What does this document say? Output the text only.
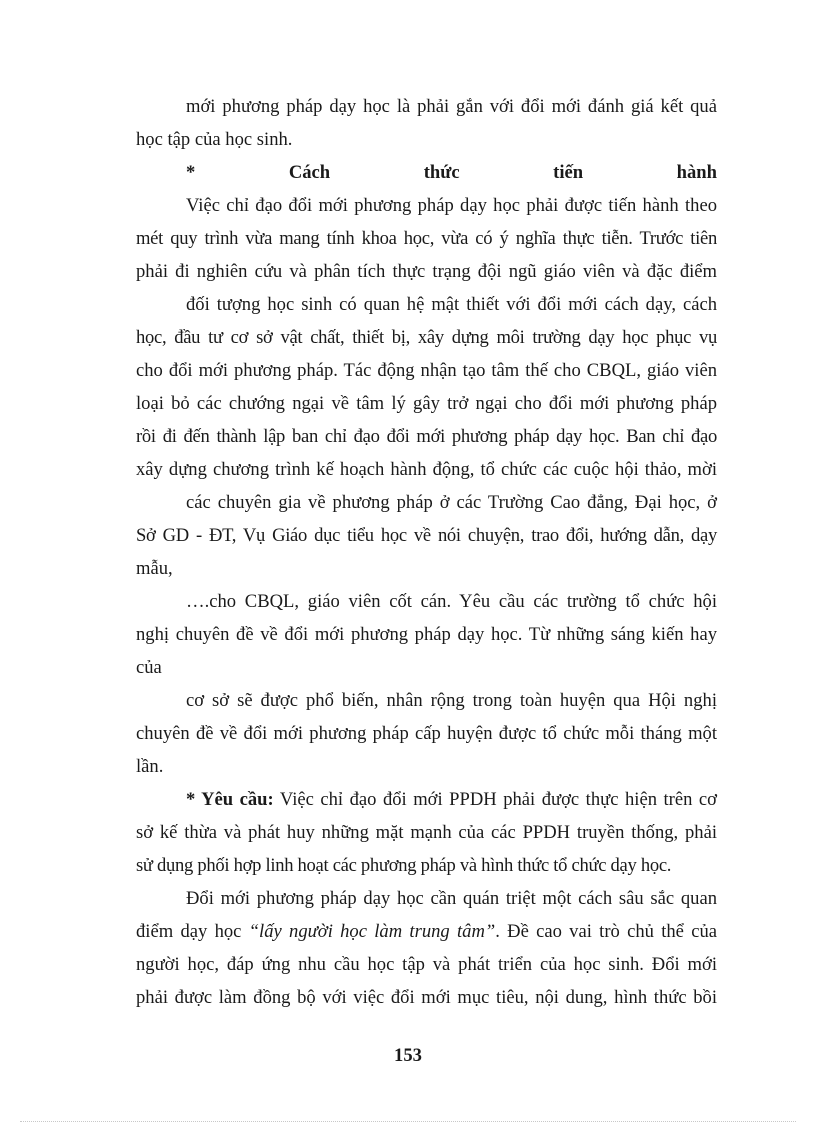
mới phương pháp dạy học là phải gắn với đổi mới đánh giá kết quả
học tập của học sinh.
*	Cách	thức	tiến	hành
Việc chỉ đạo đổi mới phương pháp dạy học phải được tiến hành theo
mét quy trình vừa mang tính khoa học, vừa có ý nghĩa thực tiễn. Trước tiên
phải đi nghiên cứu và phân tích thực trạng đội ngũ giáo viên và đặc điểm
đối tượng học sinh có quan hệ mật thiết với đổi mới cách dạy, cách
học, đầu tư cơ sở vật chất, thiết bị, xây dựng môi trường dạy học phục vụ
cho đổi mới phương pháp. Tác động nhận tạo tâm thế cho CBQL, giáo viên
loại bỏ các chướng ngại về tâm lý gây trở ngại cho đổi mới phương pháp
rồi đi đến thành lập ban chỉ đạo đổi mới phương pháp dạy học. Ban chỉ đạo
xây dựng chương trình kế hoạch hành động, tổ chức các cuộc hội thảo, mời
các chuyên gia về phương pháp ở các Trường Cao đẳng, Đại học, ở
Sở GD - ĐT, Vụ Giáo dục tiểu học về nói chuyện, trao đổi, hướng dẫn, dạy
mẫu,
….cho CBQL, giáo viên cốt cán. Yêu cầu các trường tổ chức hội
nghị chuyên đề về đổi mới phương pháp dạy học. Từ những sáng kiến hay
của
cơ sở sẽ được phổ biến, nhân rộng trong toàn huyện qua Hội nghị
chuyên đề về đổi mới phương pháp cấp huyện được tổ chức mỗi tháng một
lần.
* Yêu cầu: Việc chỉ đạo đổi mới PPDH phải được thực hiện trên cơ
sở kế thừa và phát huy những mặt mạnh của các PPDH truyền thống, phải
sử dụng phối hợp linh hoạt các phương pháp và hình thức tổ chức dạy học.
Đổi mới phương pháp dạy học cần quán triệt một cách sâu sắc quan
điểm dạy học “lấy người học làm trung tâm”. Đề cao vai trò chủ thể của
người học, đáp ứng nhu cầu học tập và phát triển của học sinh. Đổi mới
phải được làm đồng bộ với việc đổi mới mục tiêu, nội dung, hình thức bồi
153
